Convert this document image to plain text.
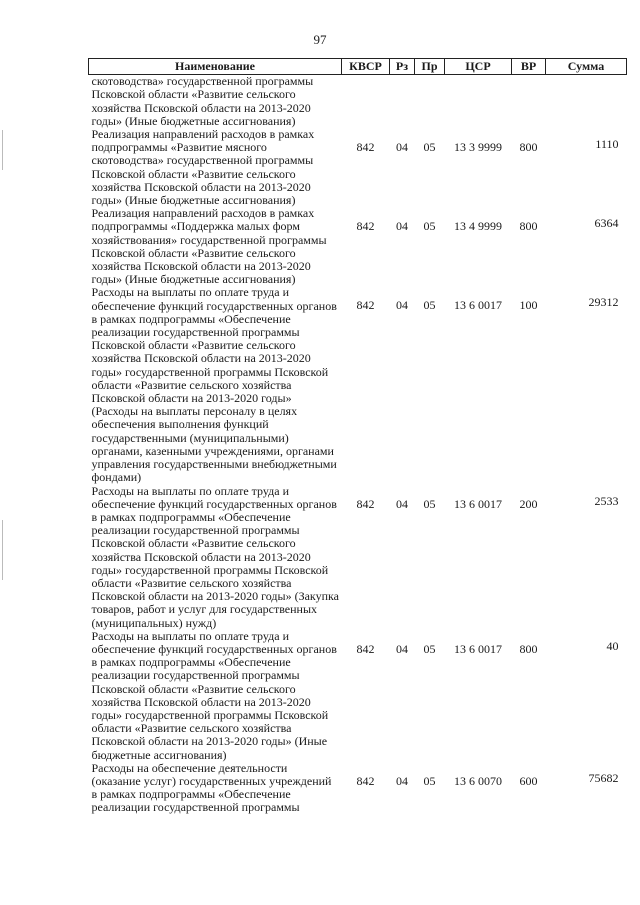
97
Наименование	КВСР	Рз	Пр	ЦСР	ВР	Сумма
скотоводства» государственной программы Псковской области «Развитие сельского хозяйства Псковской области на 2013-2020 годы» (Иные бюджетные ассигнования)						
Реализация направлений расходов в рамках подпрограммы «Развитие мясного скотоводства» государственной программы Псковской области «Развитие сельского хозяйства Псковской области на 2013-2020 годы» (Иные бюджетные ассигнования)	842	04	05	13 3 9999	800	1110
Реализация направлений расходов в рамках подпрограммы «Поддержка малых форм хозяйствования» государственной программы Псковской области «Развитие сельского хозяйства Псковской области на 2013-2020 годы» (Иные бюджетные ассигнования)	842	04	05	13 4 9999	800	6364
Расходы на выплаты по оплате труда и обеспечение функций государственных органов в рамках подпрограммы «Обеспечение реализации государственной программы Псковской области «Развитие сельского хозяйства Псковской области на 2013-2020 годы» государственной программы Псковской области «Развитие сельского хозяйства Псковской области на 2013-2020 годы» (Расходы на выплаты персоналу в целях обеспечения выполнения функций государственными (муниципальными) органами, казенными учреждениями, органами управления государственными внебюджетными фондами)	842	04	05	13 6 0017	100	29312
Расходы на выплаты по оплате труда и обеспечение функций государственных органов в рамках подпрограммы «Обеспечение реализации государственной программы Псковской области «Развитие сельского хозяйства Псковской области на 2013-2020 годы» государственной программы Псковской области «Развитие сельского хозяйства Псковской области на 2013-2020 годы» (Закупка товаров, работ и услуг для государственных (муниципальных) нужд)	842	04	05	13 6 0017	200	2533
Расходы на выплаты по оплате труда и обеспечение функций государственных органов в рамках подпрограммы «Обеспечение реализации государственной программы Псковской области «Развитие сельского хозяйства Псковской области на 2013-2020 годы» государственной программы Псковской области «Развитие сельского хозяйства Псковской области на 2013-2020 годы» (Иные бюджетные ассигнования)	842	04	05	13 6 0017	800	40
Расходы на обеспечение деятельности (оказание услуг) государственных учреждений в рамках подпрограммы «Обеспечение реализации государственной программы	842	04	05	13 6 0070	600	75682
